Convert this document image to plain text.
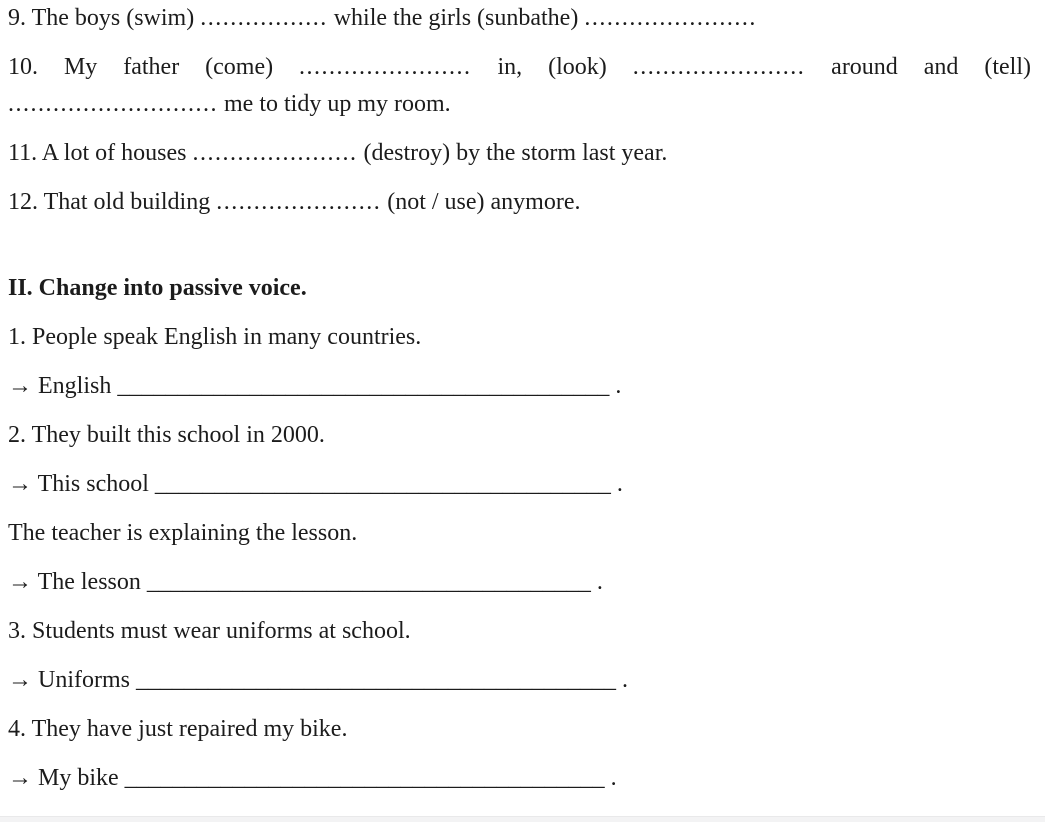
9. The boys (swim) ................. while the girls (sunbathe) .......................

10. My father (come) ....................... in, (look) ....................... around and (tell)
............................ me to tidy up my room.

11. A lot of houses ...................... (destroy) by the storm last year.

12. That old building ...................... (not / use) anymore.

II. Change into passive voice.

1. People speak English in many countries.

→ English _________________________________________ .

2. They built this school in 2000.

→ This school ______________________________________ .

The teacher is explaining the lesson.

→ The lesson _____________________________________ .

3. Students must wear uniforms at school.

→ Uniforms ________________________________________ .

4. They have just repaired my bike.

→ My bike ________________________________________ .
